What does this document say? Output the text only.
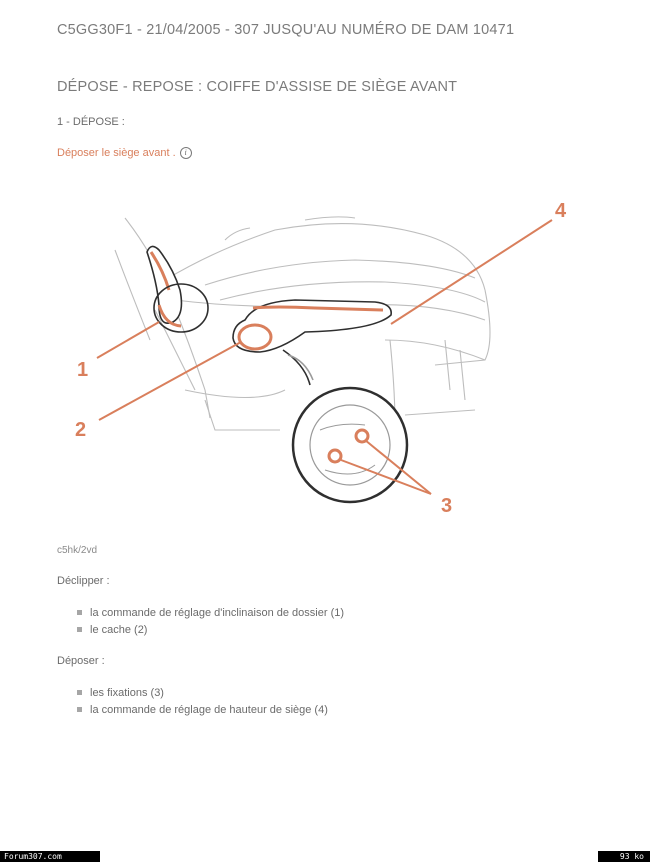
C5GG30F1 - 21/04/2005 - 307 JUSQU'AU NUMÉRO DE DAM 10471
DÉPOSE - REPOSE : COIFFE D'ASSISE DE SIÈGE AVANT
1 - DÉPOSE :
Déposer le siège avant .	i
1
2
3
4
c5hk/2vd
Déclipper :
la commande de réglage d'inclinaison de dossier (1)
le cache (2)
Déposer :
les fixations (3)
la commande de réglage de hauteur de siège (4)
Forum307.com	93 ko
